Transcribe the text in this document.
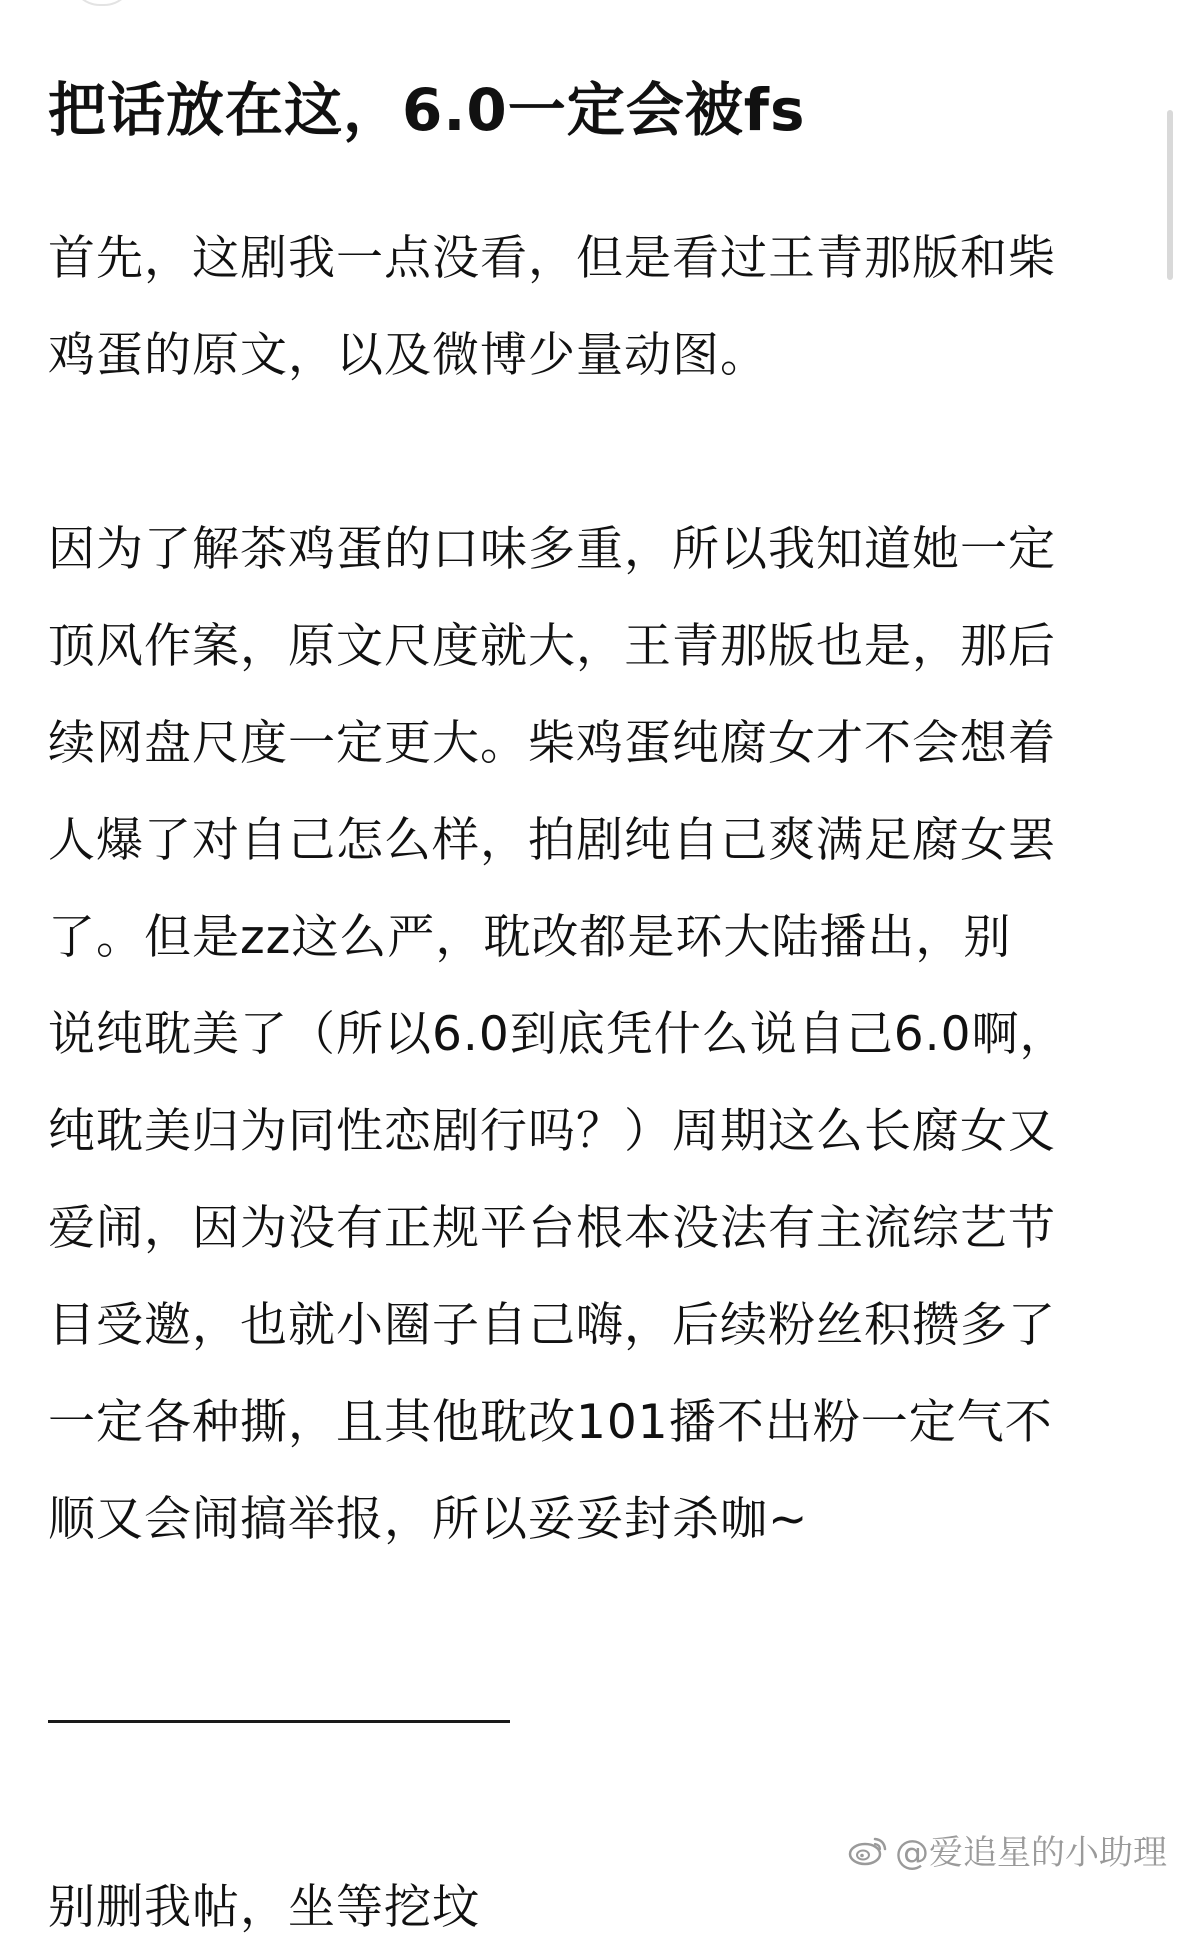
把话放在这，6.0一定会被fs

首先，这剧我一点没看，但是看过王青那版和柴
鸡蛋的原文，以及微博少量动图。

因为了解茶鸡蛋的口味多重，所以我知道她一定
顶风作案，原文尺度就大，王青那版也是，那后
续网盘尺度一定更大。柴鸡蛋纯腐女才不会想着
人爆了对自己怎么样，拍剧纯自己爽满足腐女罢
了。但是zz这么严，耽改都是环大陆播出，别
说纯耽美了（所以6.0到底凭什么说自己6.0啊，
纯耽美归为同性恋剧行吗？）周期这么长腐女又
爱闹，因为没有正规平台根本没法有主流综艺节
目受邀，也就小圈子自己嗨，后续粉丝积攒多了
一定各种撕，且其他耽改101播不出粉一定气不
顺又会闹搞举报，所以妥妥封杀咖~

别删我帖，坐等挖坟

@爱追星的小助理
